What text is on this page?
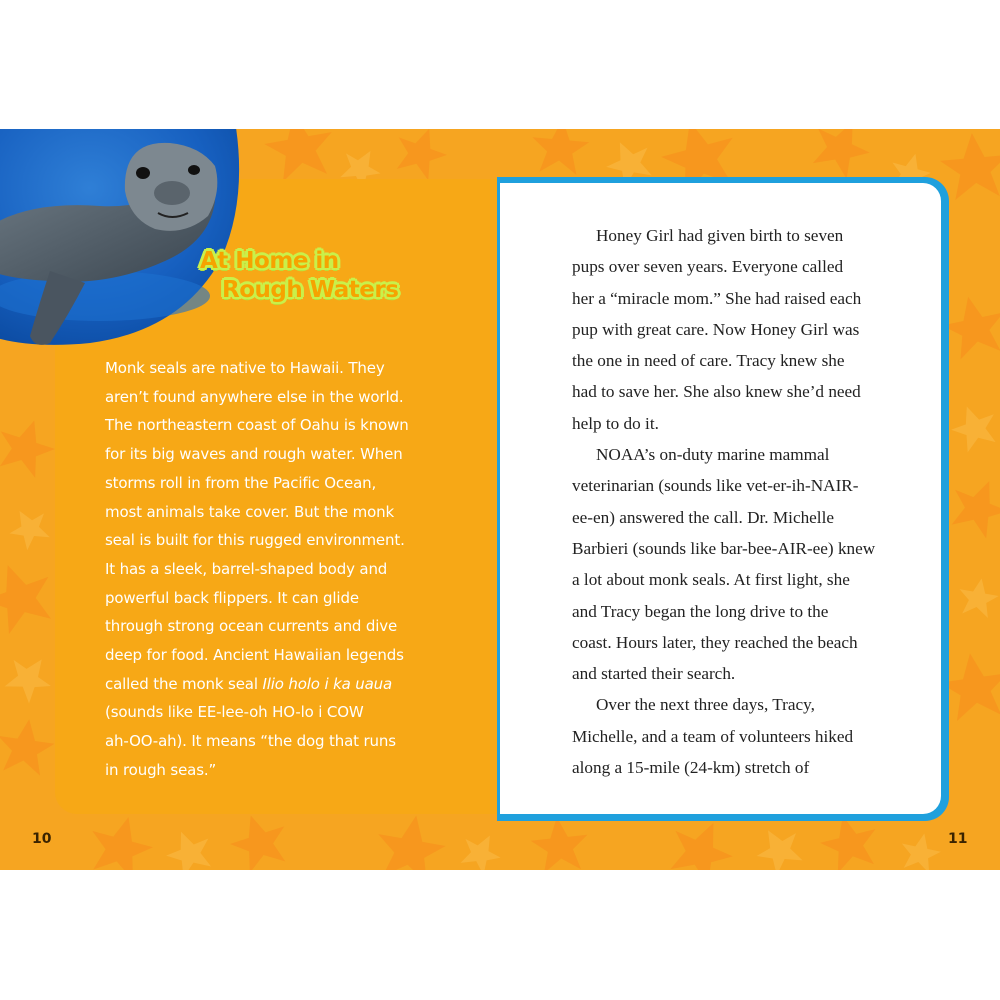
At Home in
Rough Waters
Monk seals are native to Hawaii. They
aren’t found anywhere else in the world.
The northeastern coast of Oahu is known
for its big waves and rough water. When
storms roll in from the Pacific Ocean,
most animals take cover. But the monk
seal is built for this rugged environment.
It has a sleek, barrel-shaped body and
powerful back flippers. It can glide
through strong ocean currents and dive
deep for food. Ancient Hawaiian legends
called the monk seal Ilio holo i ka uaua
(sounds like EE-lee-oh HO-lo i COW
ah-OO-ah). It means “the dog that runs
in rough seas.”
Honey Girl had given birth to seven
pups over seven years. Everyone called
her a “miracle mom.” She had raised each
pup with great care. Now Honey Girl was
the one in need of care. Tracy knew she
had to save her. She also knew she’d need
help to do it.
NOAA’s on-duty marine mammal
veterinarian (sounds like vet-er-ih-NAIR-
ee-en) answered the call. Dr. Michelle
Barbieri (sounds like bar-bee-AIR-ee) knew
a lot about monk seals. At first light, she
and Tracy began the long drive to the
coast. Hours later, they reached the beach
and started their search.
Over the next three days, Tracy,
Michelle, and a team of volunteers hiked
along a 15-mile (24-km) stretch of
10	11
